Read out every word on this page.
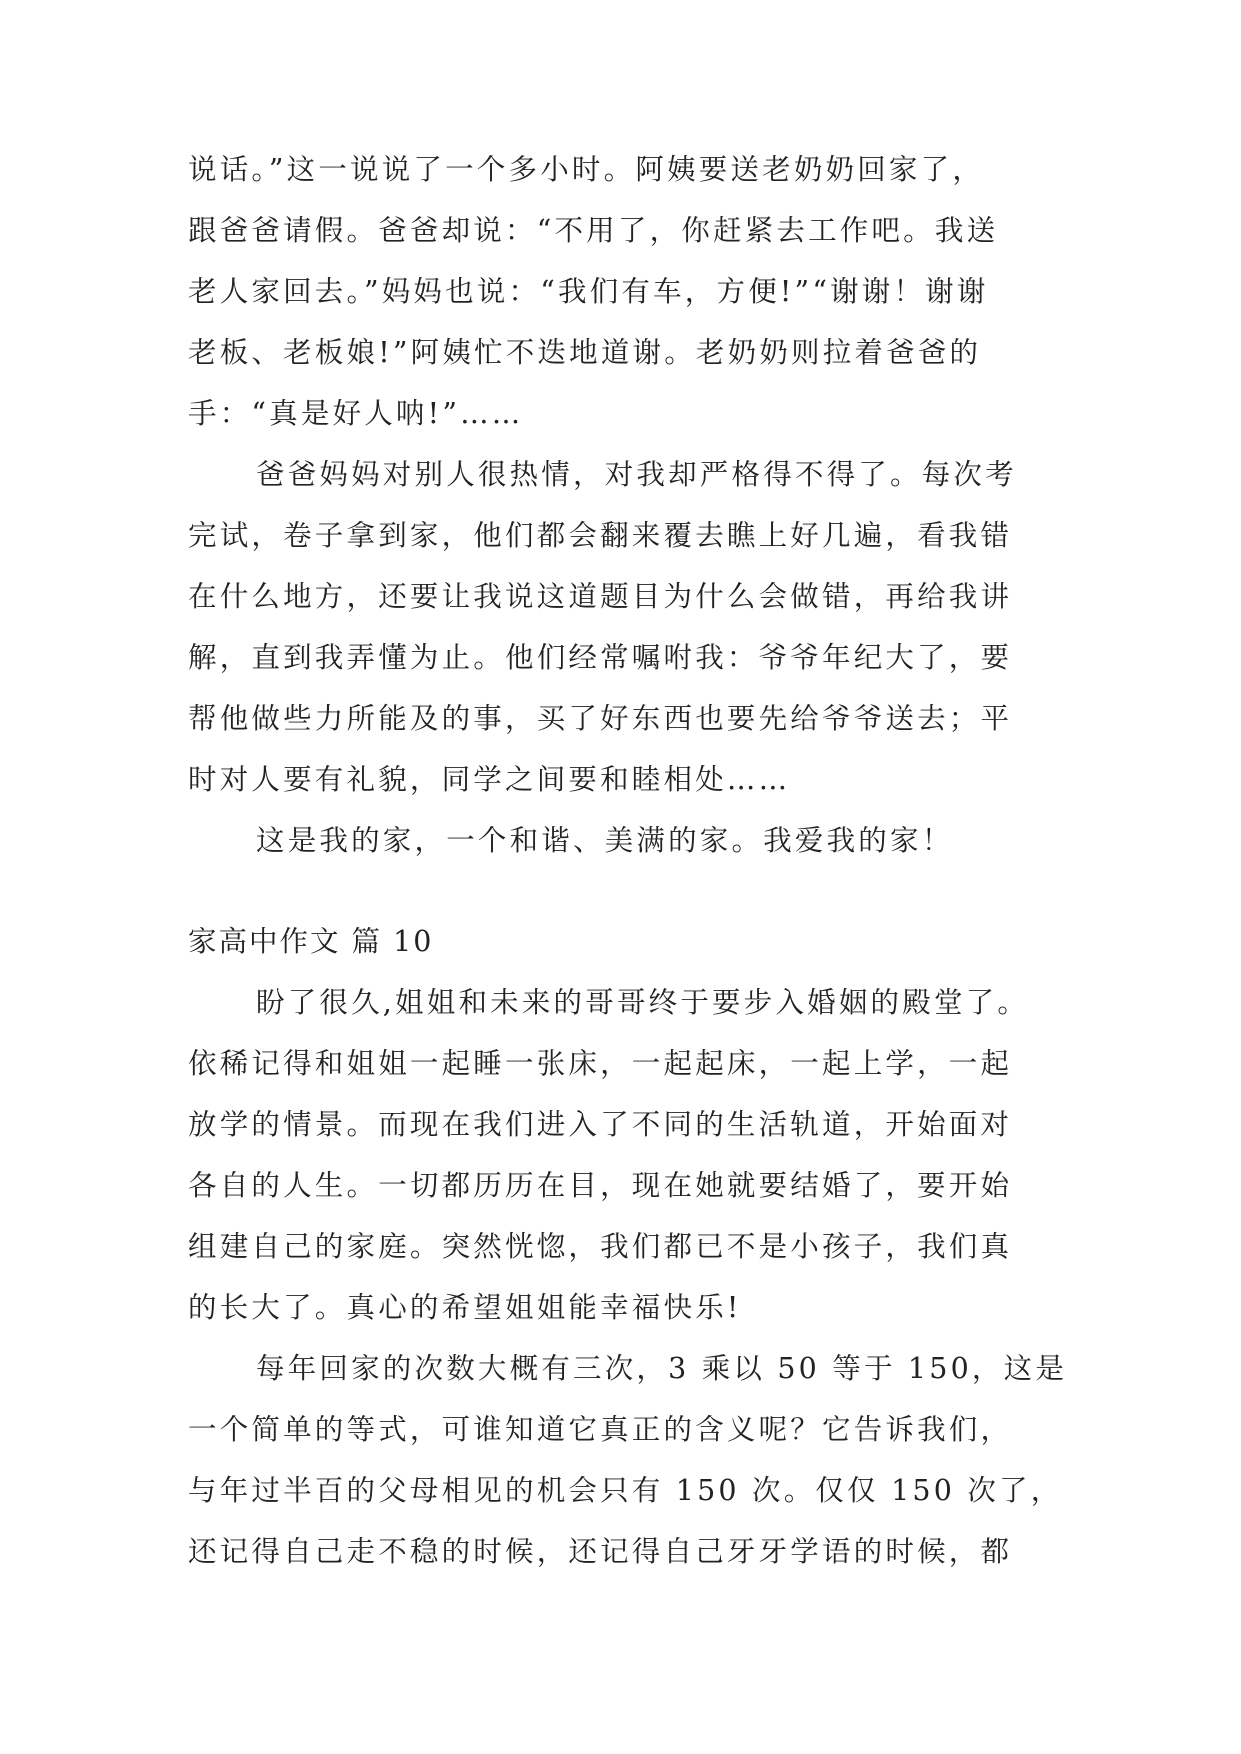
说话。”这一说说了一个多小时。阿姨要送老奶奶回家了，

跟爸爸请假。爸爸却说：“不用了，你赶紧去工作吧。我送

老人家回去。”妈妈也说：“我们有车，方便!”“谢谢！谢谢

老板、老板娘!”阿姨忙不迭地道谢。老奶奶则拉着爸爸的

手：“真是好人呐!”……

爸爸妈妈对别人很热情，对我却严格得不得了。每次考

完试，卷子拿到家，他们都会翻来覆去瞧上好几遍，看我错

在什么地方，还要让我说这道题目为什么会做错，再给我讲

解，直到我弄懂为止。他们经常嘱咐我：爷爷年纪大了，要

帮他做些力所能及的事，买了好东西也要先给爷爷送去；平

时对人要有礼貌，同学之间要和睦相处……

这是我的家，一个和谐、美满的家。我爱我的家！

家高中作文 篇 10

盼了很久,姐姐和未来的哥哥终于要步入婚姻的殿堂了。

依稀记得和姐姐一起睡一张床，一起起床，一起上学，一起

放学的情景。而现在我们进入了不同的生活轨道，开始面对

各自的人生。一切都历历在目，现在她就要结婚了，要开始

组建自己的家庭。突然恍惚，我们都已不是小孩子，我们真

的长大了。真心的希望姐姐能幸福快乐!

每年回家的次数大概有三次，3 乘以 50 等于 150，这是

一个简单的等式，可谁知道它真正的含义呢？它告诉我们，

与年过半百的父母相见的机会只有 150 次。仅仅 150 次了，

还记得自己走不稳的时候，还记得自己牙牙学语的时候，都
